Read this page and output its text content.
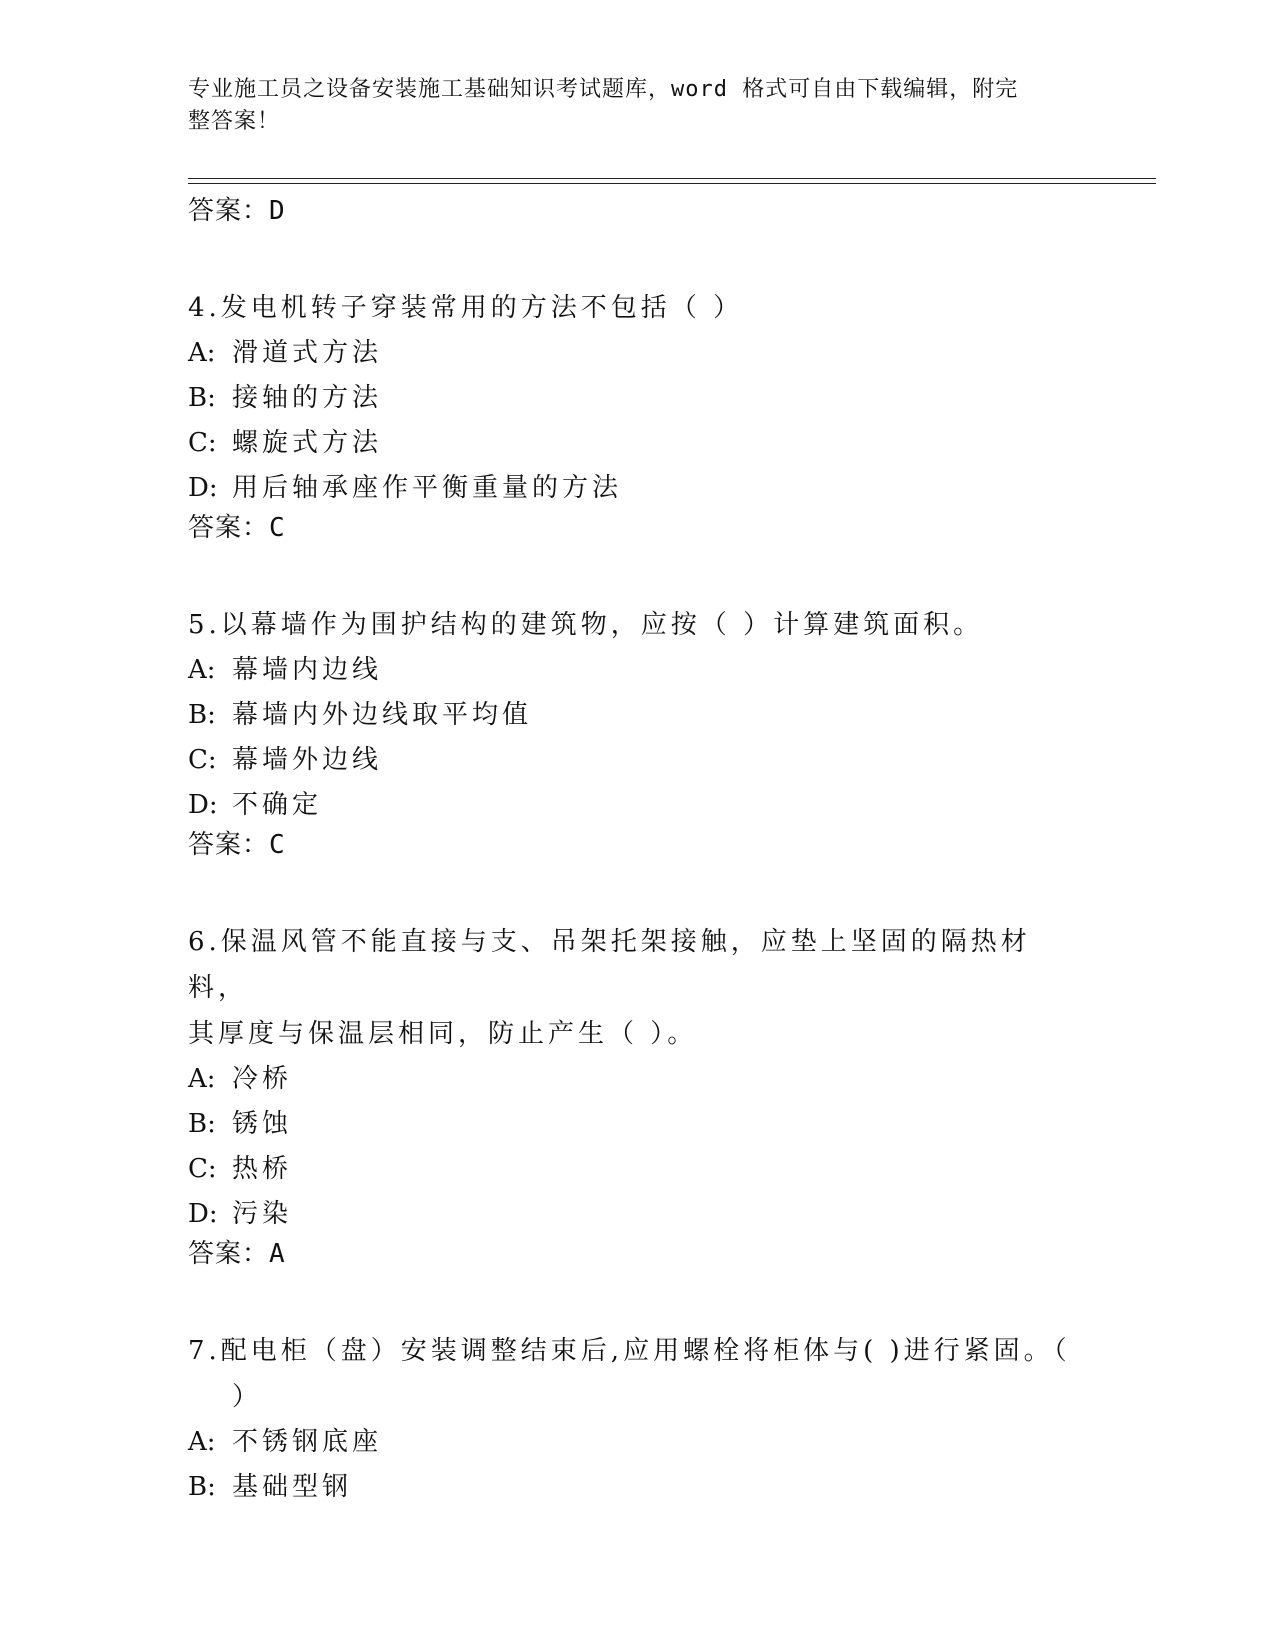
专业施工员之设备安装施工基础知识考试题库，word 格式可自由下载编辑，附完
整答案！
答案：D
4.发电机转子穿装常用的方法不包括（ ）
A: 滑道式方法
B: 接轴的方法
C: 螺旋式方法
D: 用后轴承座作平衡重量的方法
答案：C
5.以幕墙作为围护结构的建筑物，应按（ ）计算建筑面积。
A: 幕墙内边线
B: 幕墙内外边线取平均值
C: 幕墙外边线
D: 不确定
答案：C
6.保温风管不能直接与支、吊架托架接触，应垫上坚固的隔热材料，
其厚度与保温层相同，防止产生（ ）。
A: 冷桥
B: 锈蚀
C: 热桥
D: 污染
答案：A
7.配电柜（盘）安装调整结束后,应用螺栓将柜体与( )进行紧固。（
）
A: 不锈钢底座
B: 基础型钢
